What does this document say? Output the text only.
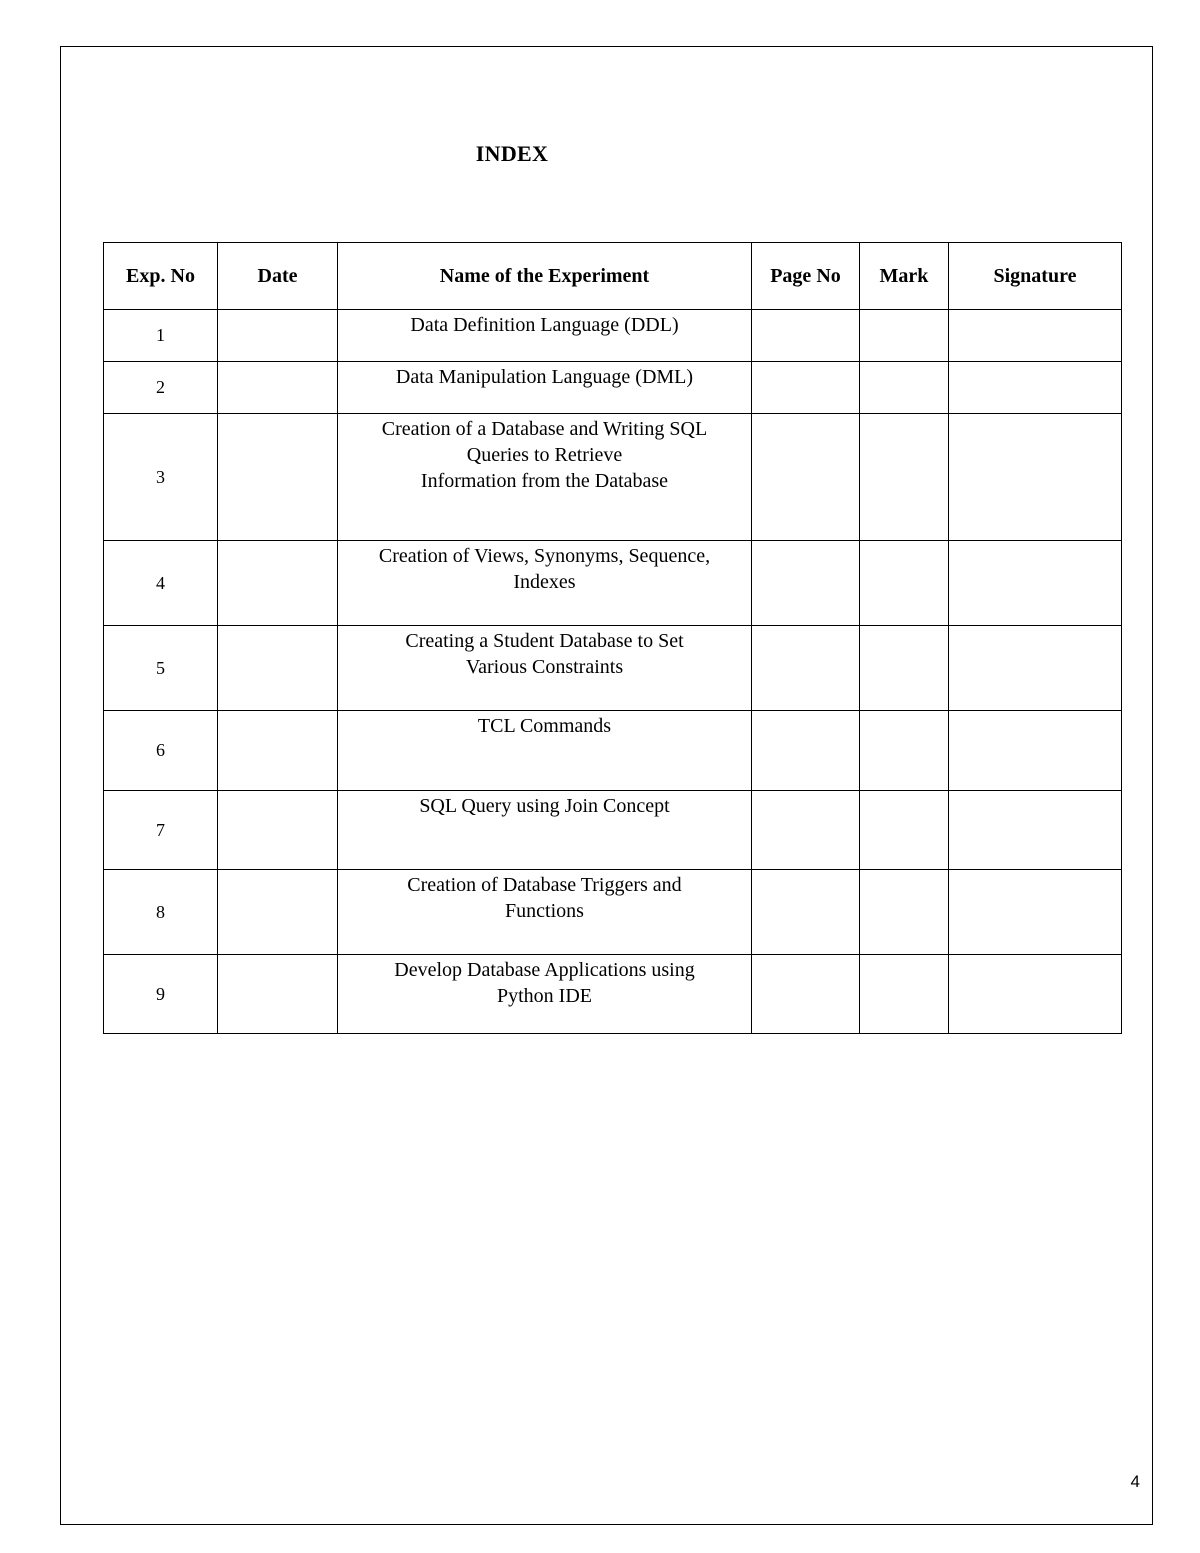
INDEX
Exp. No	Date	Name of the Experiment	Page No	Mark	Signature
1		Data Definition Language (DDL)			

2		Data Manipulation Language (DML)			

3		Creation of a Database and Writing SQL
Queries to Retrieve
Information from the Database			

4		Creation of Views, Synonyms, Sequence,
Indexes			

5		Creating a Student Database to Set
Various Constraints			

6		TCL Commands			

7		SQL Query using Join Concept			

8		Creation of Database Triggers and
Functions			

9		Develop Database Applications using
Python IDE			

4
